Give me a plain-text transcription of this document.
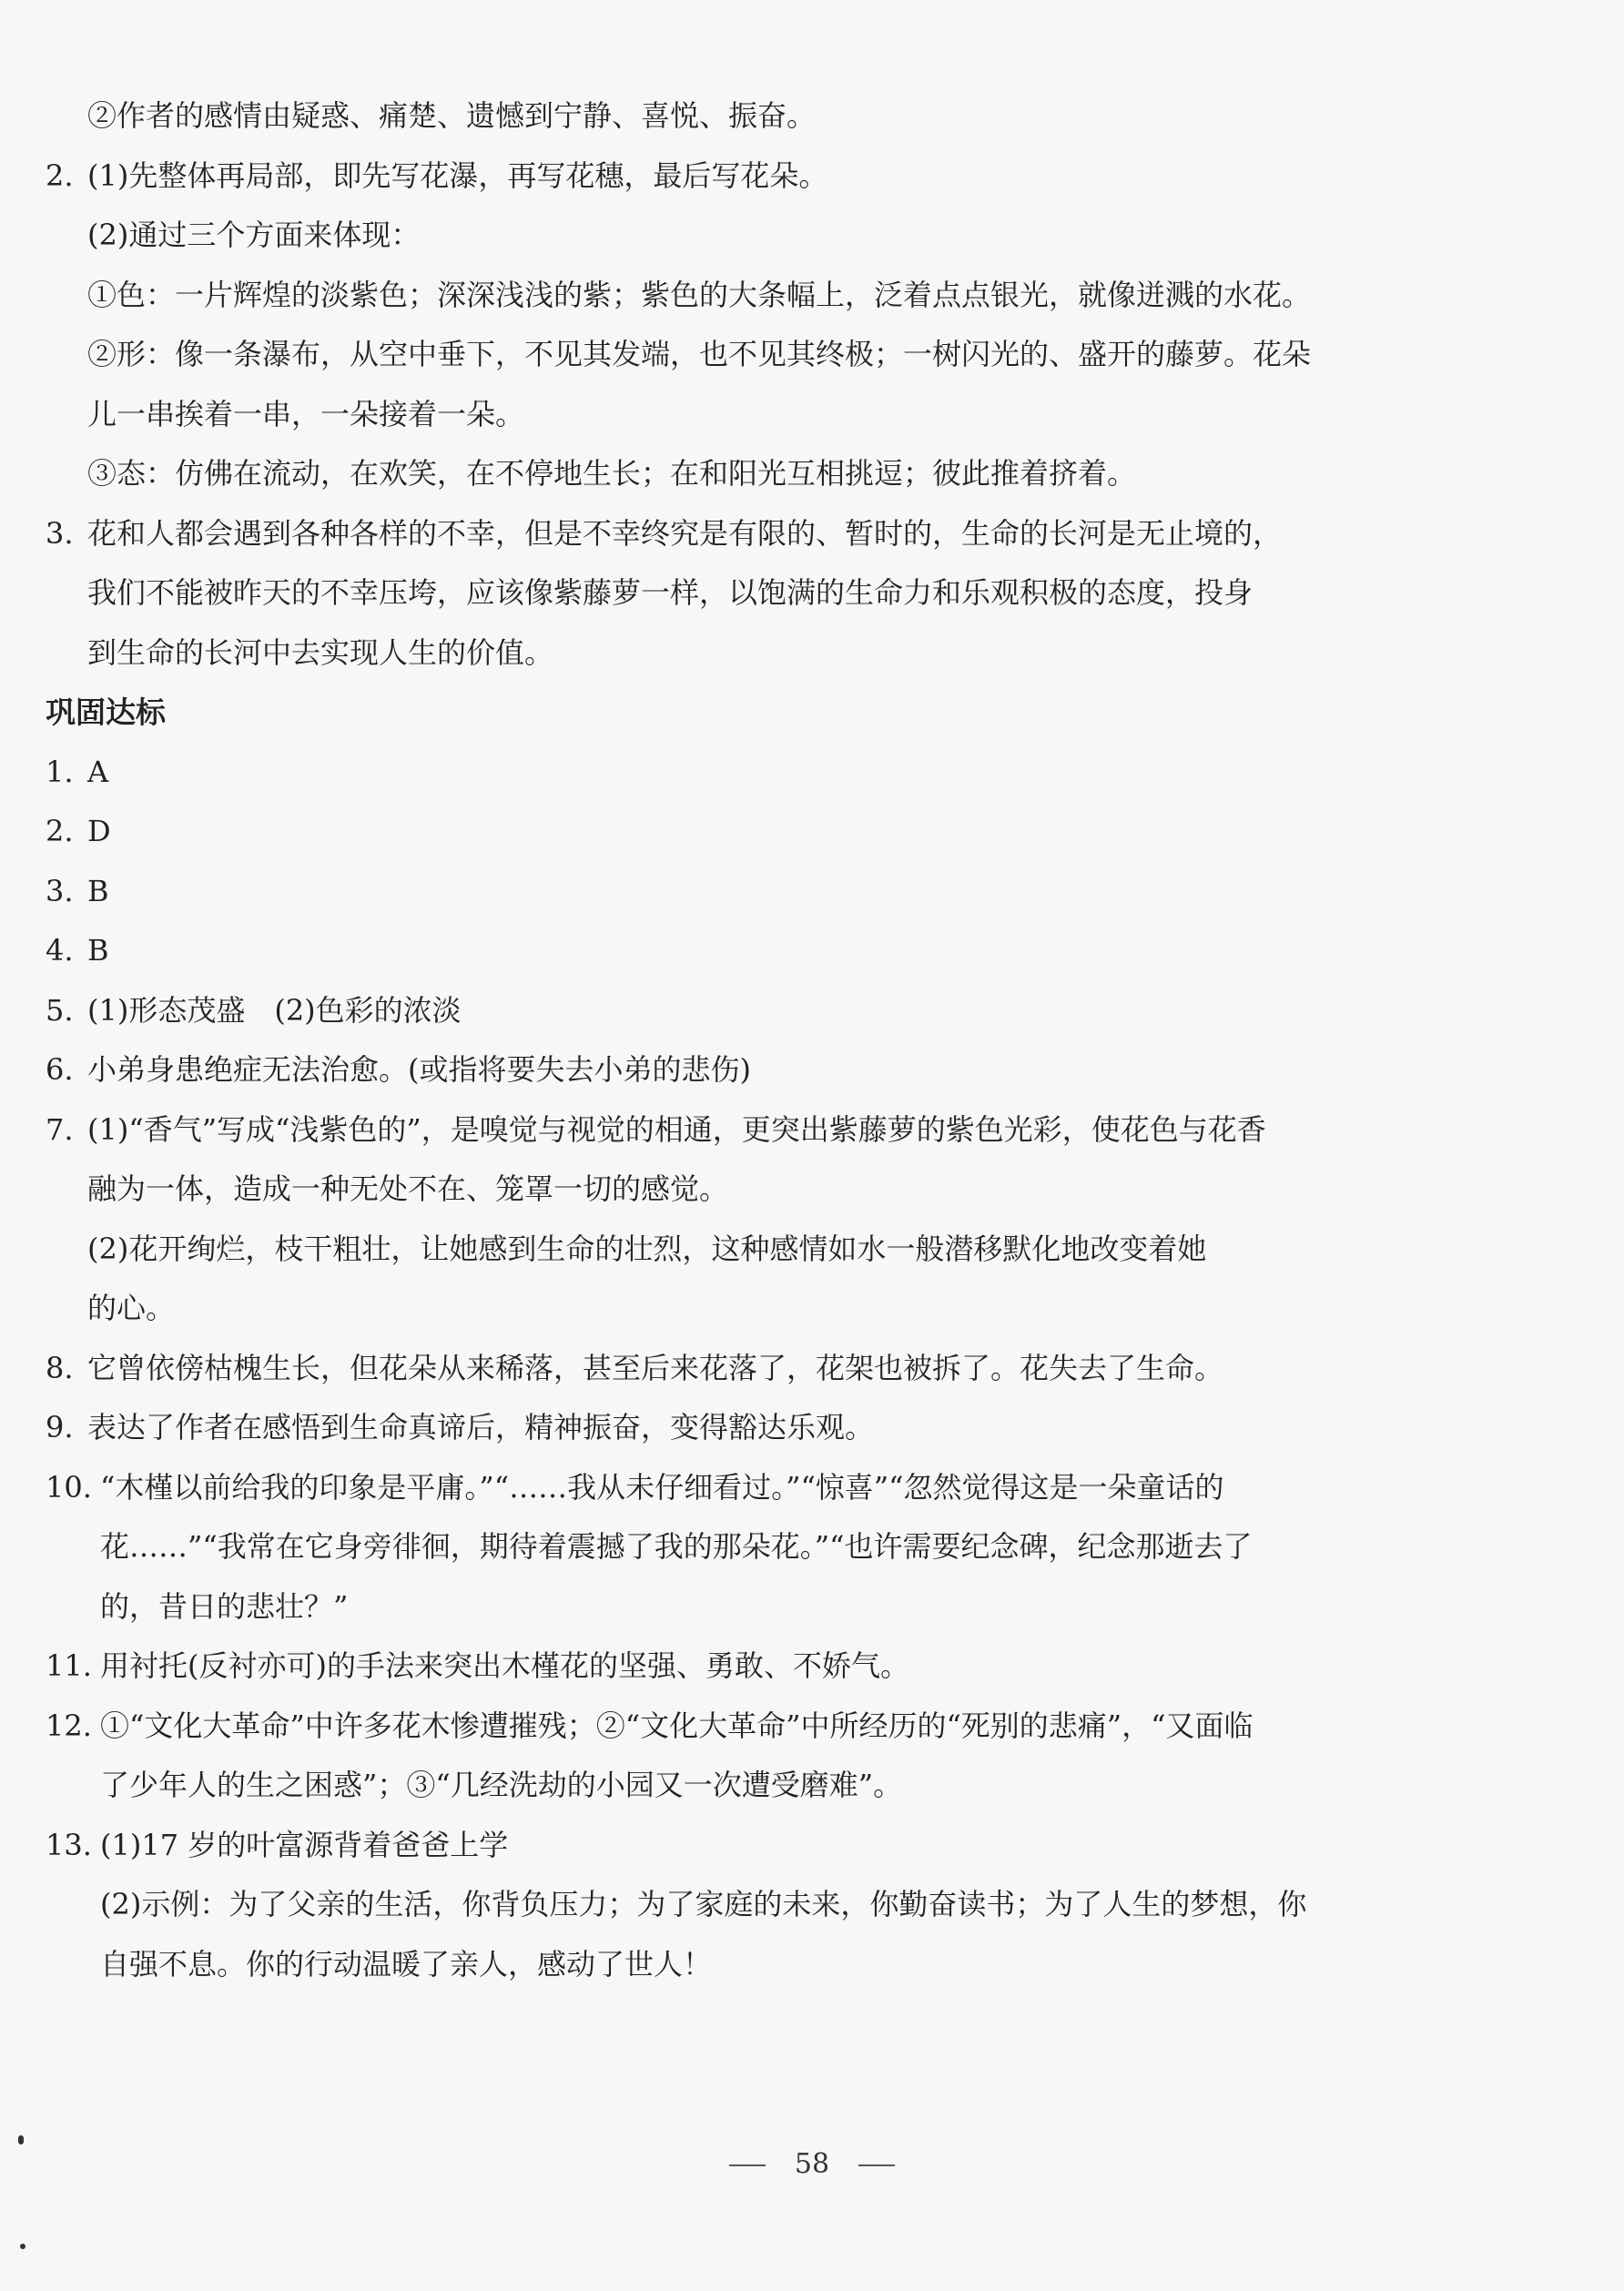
②作者的感情由疑惑、痛楚、遗憾到宁静、喜悦、振奋。
2. (1)先整体再局部，即先写花瀑，再写花穗，最后写花朵。
(2)通过三个方面来体现：
①色：一片辉煌的淡紫色；深深浅浅的紫；紫色的大条幅上，泛着点点银光，就像迸溅的水花。
②形：像一条瀑布，从空中垂下，不见其发端，也不见其终极；一树闪光的、盛开的藤萝。花朵
儿一串挨着一串，一朵接着一朵。
③态：仿佛在流动，在欢笑，在不停地生长；在和阳光互相挑逗；彼此推着挤着。
3. 花和人都会遇到各种各样的不幸，但是不幸终究是有限的、暂时的，生命的长河是无止境的，
我们不能被昨天的不幸压垮，应该像紫藤萝一样，以饱满的生命力和乐观积极的态度，投身
到生命的长河中去实现人生的价值。
巩固达标
1. A
2. D
3. B
4. B
5. (1)形态茂盛　(2)色彩的浓淡
6. 小弟身患绝症无法治愈。(或指将要失去小弟的悲伤)
7. (1)“香气”写成“浅紫色的”，是嗅觉与视觉的相通，更突出紫藤萝的紫色光彩，使花色与花香
融为一体，造成一种无处不在、笼罩一切的感觉。
(2)花开绚烂，枝干粗壮，让她感到生命的壮烈，这种感情如水一般潜移默化地改变着她
的心。
8. 它曾依傍枯槐生长，但花朵从来稀落，甚至后来花落了，花架也被拆了。花失去了生命。
9. 表达了作者在感悟到生命真谛后，精神振奋，变得豁达乐观。
10. “木槿以前给我的印象是平庸。”“……我从未仔细看过。”“惊喜”“忽然觉得这是一朵童话的
花……”“我常在它身旁徘徊，期待着震撼了我的那朵花。”“也许需要纪念碑，纪念那逝去了
的，昔日的悲壮？”
11. 用衬托(反衬亦可)的手法来突出木槿花的坚强、勇敢、不娇气。
12. ①“文化大革命”中许多花木惨遭摧残；②“文化大革命”中所经历的“死别的悲痛”，“又面临
了少年人的生之困惑”；③“几经洗劫的小园又一次遭受磨难”。
13. (1)17 岁的叶富源背着爸爸上学
(2)示例：为了父亲的生活，你背负压力；为了家庭的未来，你勤奋读书；为了人生的梦想，你
自强不息。你的行动温暖了亲人，感动了世人！
58
